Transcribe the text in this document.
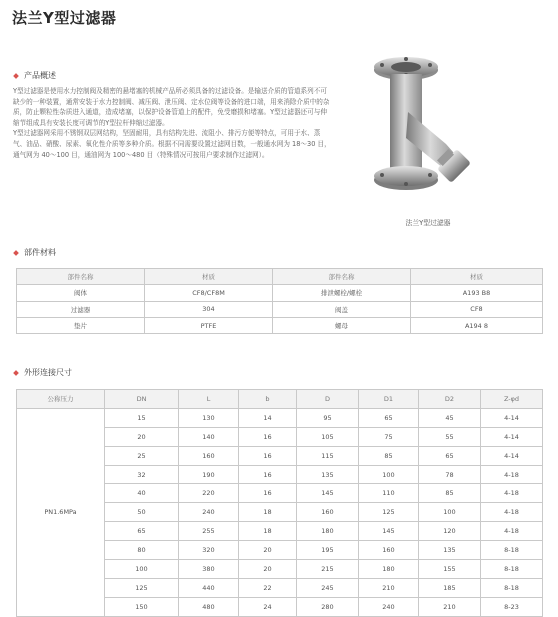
法兰Y型过滤器
产品概述

Y型过滤器是使用水力控制阀及精密的悬堵塞的机械产品所必须具备的过滤设备。是输送介质的管道系列不可缺少的一种装置，通常安装于水力控制阀、减压阀、泄压阀、定水位阀等设备的进口端，用来消除介质中的杂质，防止颗粒性杂质进入通道，造成堵塞，以保护设备管道上的配件，免受磨损和堵塞。Y型过滤器还可与伸缩节组成具有安装长度可调节的Y型拉杆伸缩过滤器。

Y型过滤器网采用不锈钢双层网结构，坚固耐用，具有结构先进、流阻小、排污方便等特点，可用于水、蒸气、油品、硝酸、尿素、氧化性介质等多种介质。根据不同需要设置过滤网目数，一般通水网为 18～30 目，通气网为 40～100 目，通油网为 100～480 目（特殊情况可按用户要求制作过滤网）。

法兰Y型过滤器
部件材料
部件名称	材质	部件名称	材质
阀体	CF8/CF8M	排泄螺栓/螺栓	A193 B8
过滤器	304	阀盖	CF8
垫片	PTFE	螺母	A194 8
外形连接尺寸
公称压力	DN	L	b	D	D1	D2	Z-φd
PN1.6MPa	15	130	14	95	65	45	4-14
	20	140	16	105	75	55	4-14
	25	160	16	115	85	65	4-14
	32	190	16	135	100	78	4-18
	40	220	16	145	110	85	4-18
	50	240	18	160	125	100	4-18
	65	255	18	180	145	120	4-18
	80	320	20	195	160	135	8-18
	100	380	20	215	180	155	8-18
	125	440	22	245	210	185	8-18
	150	480	24	280	240	210	8-23
